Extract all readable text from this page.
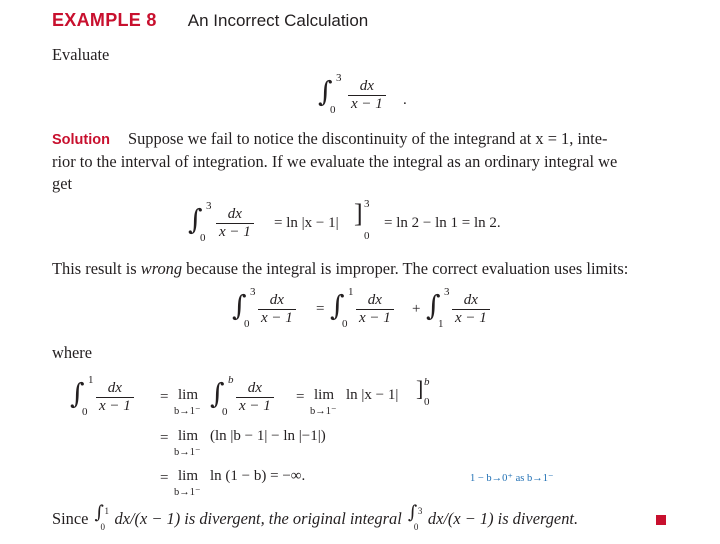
EXAMPLE 8 An Incorrect Calculation
Evaluate
∫ 3
$0 \frac{dx}{x - 1}$ .
Solution Suppose we fail to notice the discontinuity of the integrand at x = 1, inte-
rior to the interval of integration. If we evaluate the integral as an ordinary integral we
get
∫ 3
$0 \frac{dx}{x - 1} = \ln |x - 1|$ ] 3
0
= ln 2 − ln 1 = ln 2.
This result is wrong because the integral is improper. The correct evaluation uses limits:
∫ 3
$0 \frac{dx}{x - 1}$ = ∫ 1
$0 \frac{dx}{x - 1}$ + ∫ 3
$1 \frac{dx}{x - 1}$
where
∫ 1
$0 \frac{dx}{x - 1} = \lim$
b→1⁻
∫ b
$0 \frac{dx}{x - 1} = \lim$
b→1⁻
ln |x − 1| ] b
0
= lim
b→1⁻
(ln |b − 1| − ln |−1|)
= lim
b→1⁻
ln (1 − b) = −∞.	1 − b→0⁺ as b→1⁻
Since ∫ 1
0 dx/(x − 1) is divergent, the original integral ∫ 3
0 dx/(x − 1) is divergent.
